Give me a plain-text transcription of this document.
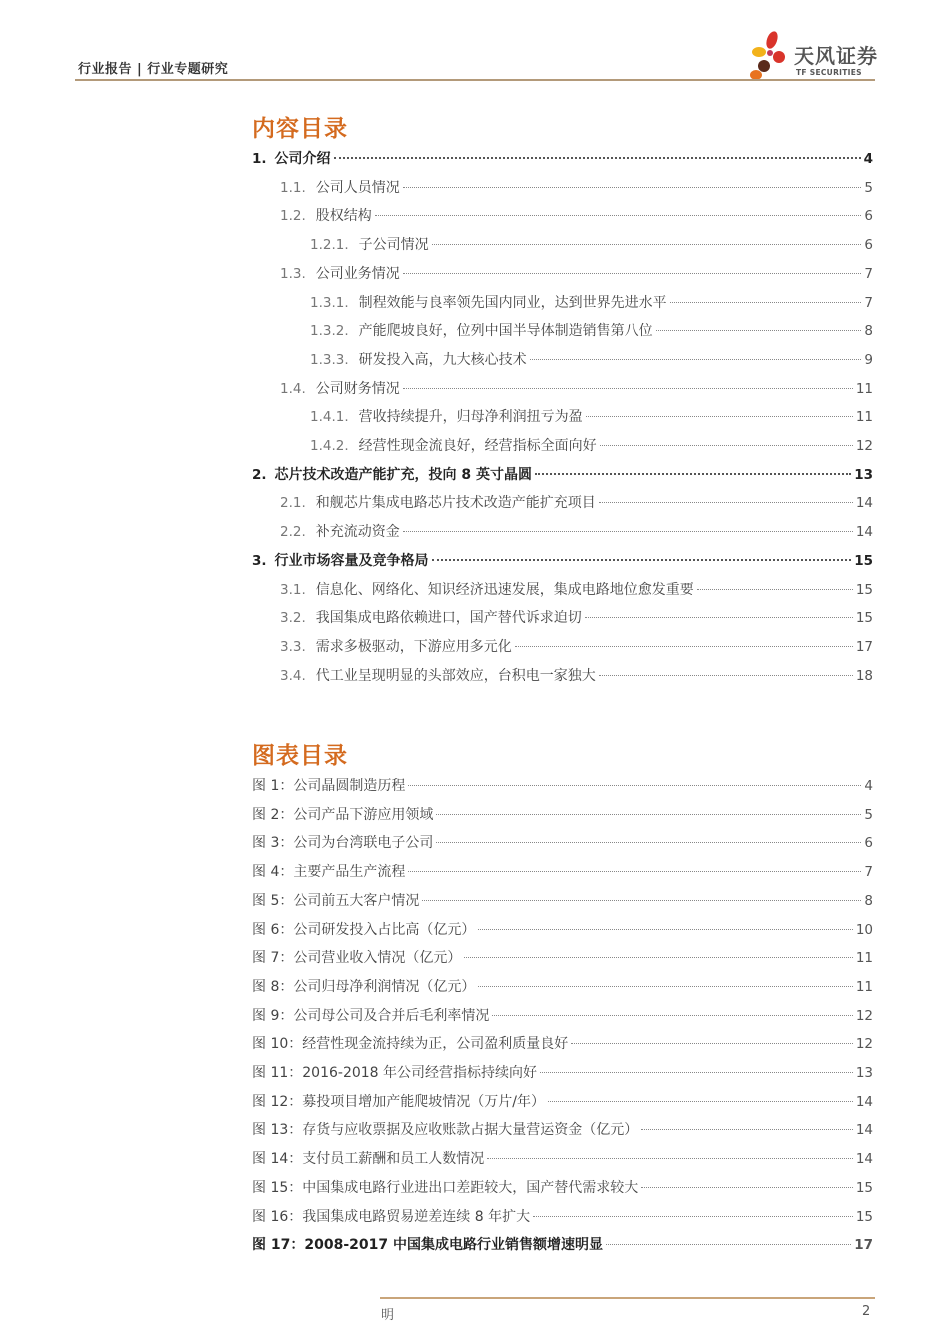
行业报告 | 行业专题研究
天风证券
TF SECURITIES
内容目录
1. 公司介绍	4
1.1. 公司人员情况	5
1.2. 股权结构	6
1.2.1. 子公司情况	6
1.3. 公司业务情况	7
1.3.1. 制程效能与良率领先国内同业，达到世界先进水平	7
1.3.2. 产能爬坡良好，位列中国半导体制造销售第八位	8
1.3.3. 研发投入高，九大核心技术	9
1.4. 公司财务情况	11
1.4.1. 营收持续提升，归母净利润扭亏为盈	11
1.4.2. 经营性现金流良好，经营指标全面向好	12
2. 芯片技术改造产能扩充，投向 8 英寸晶圆	13
2.1. 和舰芯片集成电路芯片技术改造产能扩充项目	14
2.2. 补充流动资金	14
3. 行业市场容量及竞争格局	15
3.1. 信息化、网络化、知识经济迅速发展，集成电路地位愈发重要	15
3.2. 我国集成电路依赖进口，国产替代诉求迫切	15
3.3. 需求多极驱动，下游应用多元化	17
3.4. 代工业呈现明显的头部效应，台积电一家独大	18
图表目录
图 1：公司晶圆制造历程	4
图 2：公司产品下游应用领域	5
图 3：公司为台湾联电子公司	6
图 4：主要产品生产流程	7
图 5：公司前五大客户情况	8
图 6：公司研发投入占比高（亿元）	10
图 7：公司营业收入情况（亿元）	11
图 8：公司归母净利润情况（亿元）	11
图 9：公司母公司及合并后毛利率情况	12
图 10：经营性现金流持续为正，公司盈利质量良好	12
图 11：2016-2018 年公司经营指标持续向好	13
图 12：募投项目增加产能爬坡情况（万片/年）	14
图 13：存货与应收票据及应收账款占据大量营运资金（亿元）	14
图 14：支付员工薪酬和员工人数情况	14
图 15：中国集成电路行业进出口差距较大，国产替代需求较大	15
图 16：我国集成电路贸易逆差连续 8 年扩大	15
图 17：2008-2017 中国集成电路行业销售额增速明显	17
明	2
